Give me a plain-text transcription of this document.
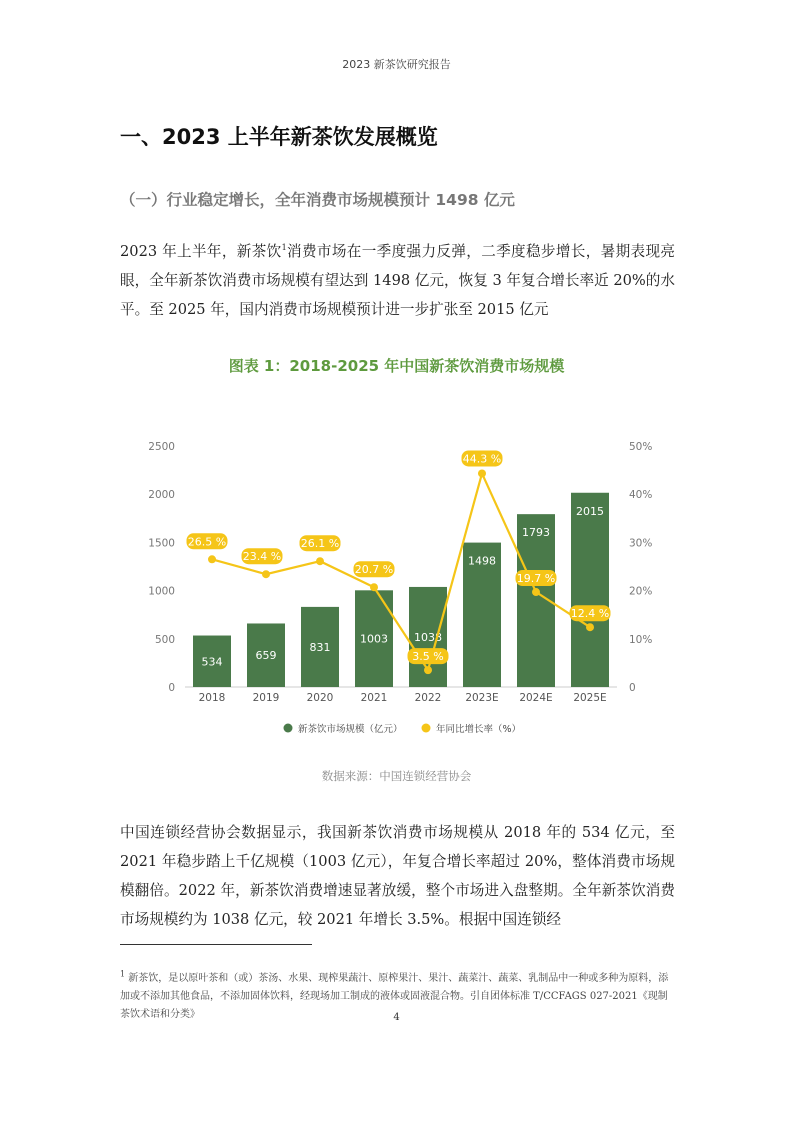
2023 新茶饮研究报告
一、2023 上半年新茶饮发展概览
（一）行业稳定增长，全年消费市场规模预计 1498 亿元
2023 年上半年，新茶饮$^1$消费市场在一季度强力反弹，二季度稳步增长，暑期表现亮眼，全年新茶饮消费市场规模有望达到 1498 亿元，恢复 3 年复合增长率近 20%的水平。至 2025 年，国内消费市场规模预计进一步扩张至 2015 亿元
图表 1：2018-2025 年中国新茶饮消费市场规模
0
500
1000
1500
2000
2500
0
10%
20%
30%
40%
50%
534
2018
659
2019
831
2020
1003
2021
1038
2022
1498
2023E
1793
2024E
2015
2025E
26.5 %
23.4 %
26.1 %
20.7 %
3.5 %
44.3 %
19.7 %
12.4 %
新茶饮市场规模（亿元）	年同比增长率（%）
数据来源：中国连锁经营协会
中国连锁经营协会数据显示，我国新茶饮消费市场规模从 2018 年的 534 亿元，至 2021 年稳步踏上千亿规模（1003 亿元），年复合增长率超过 20%，整体消费市场规模翻倍。2022 年，新茶饮消费增速显著放缓，整个市场进入盘整期。全年新茶饮消费市场规模约为 1038 亿元，较 2021 年增长 3.5%。根据中国连锁经
$^1$ 新茶饮，是以原叶茶和（或）茶汤、水果、现榨果蔬汁、原榨果汁、果汁、蔬菜汁、蔬菜、乳制品中一种或多种为原料，添加或不添加其他食品，不添加固体饮料，经现场加工制成的液体或固液混合物。引自团体标准 T/CCFAGS 027-2021《现制茶饮术语和分类》	4
